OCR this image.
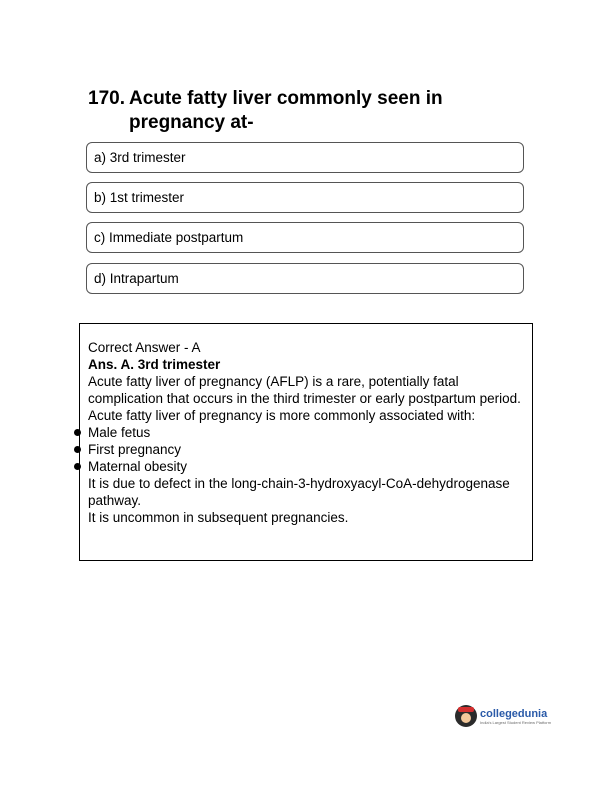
170. Acute fatty liver commonly seen in pregnancy at-
a) 3rd trimester
b) 1st trimester
c) Immediate postpartum
d) Intrapartum
Correct Answer - A
Ans. A. 3rd trimester
Acute fatty liver of pregnancy (AFLP) is a rare, potentially fatal complication that occurs in the third trimester or early postpartum period.
Acute fatty liver of pregnancy is more commonly associated with:
Male fetus
First pregnancy
Maternal obesity
It is due to defect in the long-chain-3-hydroxyacyl-CoA-dehydrogenase pathway.
It is uncommon in subsequent pregnancies.
collegedunia
India's Largest Student Review Platform
